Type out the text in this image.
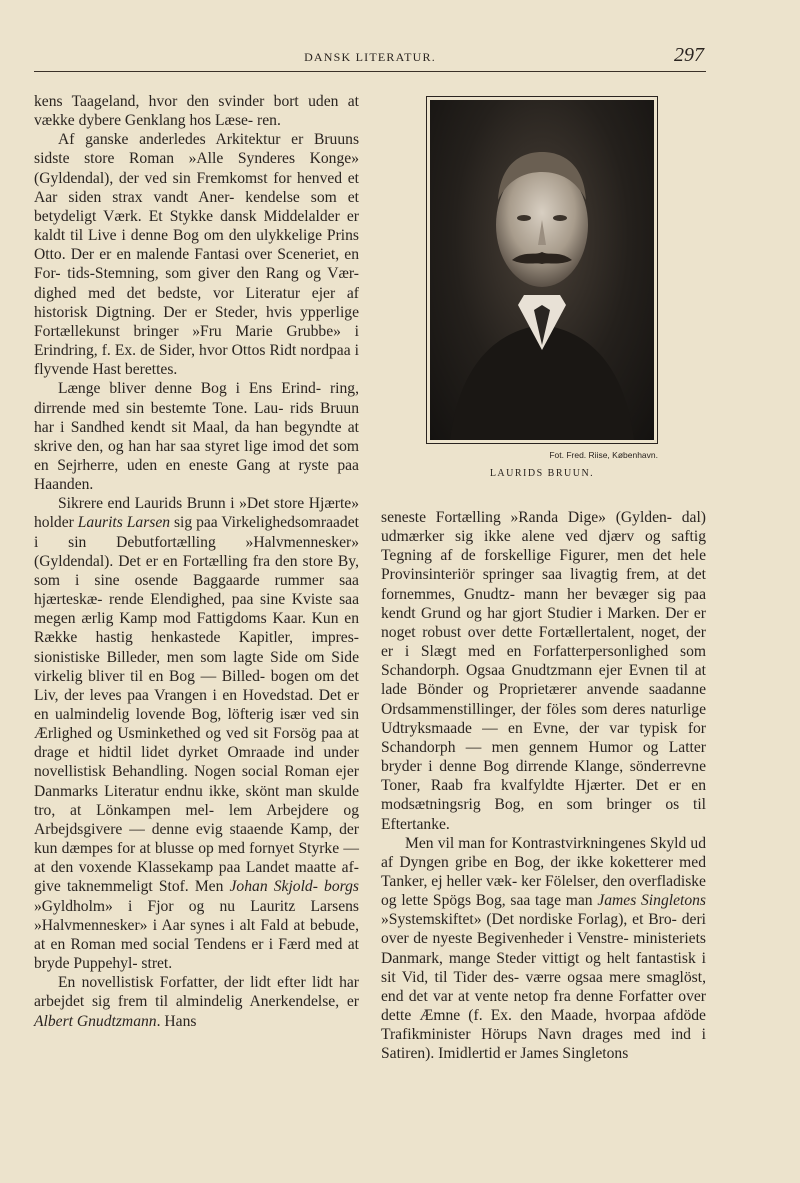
DANSK LITERATUR.	297

kens Taageland, hvor den svinder bort uden at vække dybere Genklang hos Læse- ren.

Af ganske anderledes Arkitektur er Bruuns sidste store Roman »Alle Synderes Konge» (Gyldendal), der ved sin Fremkomst for henved et Aar siden strax vandt Aner- kendelse som et betydeligt Værk. Et Stykke dansk Middelalder er kaldt til Live i denne Bog om den ulykkelige Prins Otto. Der er en malende Fantasi over Sceneriet, en For- tids-Stemning, som giver den Rang og Vær- dighed med det bedste, vor Literatur ejer af historisk Digtning. Der er Steder, hvis ypperlige Fortællekunst bringer »Fru Marie Grubbe» i Erindring, f. Ex. de Sider, hvor Ottos Ridt nordpaa i flyvende Hast berettes.

Længe bliver denne Bog i Ens Erind- ring, dirrende med sin bestemte Tone. Lau- rids Bruun har i Sandhed kendt sit Maal, da han begyndte at skrive den, og han har saa styret lige imod det som en Sejrherre, uden en eneste Gang at ryste paa Haanden.

Sikrere end Laurids Brunn i »Det store Hjærte» holder Laurits Larsen sig paa Virkelighedsomraadet i sin Debutfortælling »Halvmennesker» (Gyldendal). Det er en Fortælling fra den store By, som i sine osende Baggaarde rummer saa hjærteskæ- rende Elendighed, paa sine Kviste saa megen ærlig Kamp mod Fattigdoms Kaar. Kun en Række hastig henkastede Kapitler, impres- sionistiske Billeder, men som lagte Side om Side virkelig bliver til en Bog — Billed- bogen om det Liv, der leves paa Vrangen i en Hovedstad. Det er en ualmindelig lovende Bog, löfterig især ved sin Ærlighed og Usminkethed og ved sit Forsög paa at drage et hidtil lidet dyrket Omraade ind under novellistisk Behandling. Nogen social Roman ejer Danmarks Literatur endnu ikke, skönt man skulde tro, at Lönkampen mel- lem Arbejdere og Arbejdsgivere — denne evig staaende Kamp, der kun dæmpes for at blusse op med fornyet Styrke — at den voxende Klassekamp paa Landet maatte af- give taknemmeligt Stof. Men Johan Skjold- borgs »Gyldholm» i Fjor og nu Lauritz Larsens »Halvmennesker» i Aar synes i alt Fald at bebude, at en Roman med social Tendens er i Færd med at bryde Puppehyl- stret.

En novellistisk Forfatter, der lidt efter lidt har arbejdet sig frem til almindelig Anerkendelse, er Albert Gnudtzmann. Hans

Fot. Fred. Riise, København.
LAURIDS BRUUN.

seneste Fortælling »Randa Dige» (Gylden- dal) udmærker sig ikke alene ved djærv og saftig Tegning af de forskellige Figurer, men det hele Provinsinteriör springer saa livagtig frem, at det fornemmes, Gnudtz- mann her bevæger sig paa kendt Grund og har gjort Studier i Marken. Der er noget robust over dette Fortællertalent, noget, der er i Slægt med en Forfatterpersonlighed som Schandorph. Ogsaa Gnudtzmann ejer Evnen til at lade Bönder og Proprietærer anvende saadanne Ordsammenstillinger, der föles som deres naturlige Udtryksmaade — en Evne, der var typisk for Schandorph — men gennem Humor og Latter bryder i denne Bog dirrende Klange, sönderrevne Toner, Raab fra kvalfyldte Hjærter. Det er en modsætningsrig Bog, en som bringer os til Eftertanke.

Men vil man for Kontrastvirkningenes Skyld ud af Dyngen gribe en Bog, der ikke koketterer med Tanker, ej heller væk- ker Fölelser, den overfladiske og lette Spögs Bog, saa tage man James Singletons »Systemskiftet» (Det nordiske Forlag), et Bro- deri over de nyeste Begivenheder i Venstre- ministeriets Danmark, mange Steder vittigt og helt fantastisk i sit Vid, til Tider des- værre ogsaa mere smaglöst, end det var at vente netop fra denne Forfatter over dette Æmne (f. Ex. den Maade, hvorpaa afdöde Trafikminister Hörups Navn drages med ind i Satiren). Imidlertid er James Singletons
